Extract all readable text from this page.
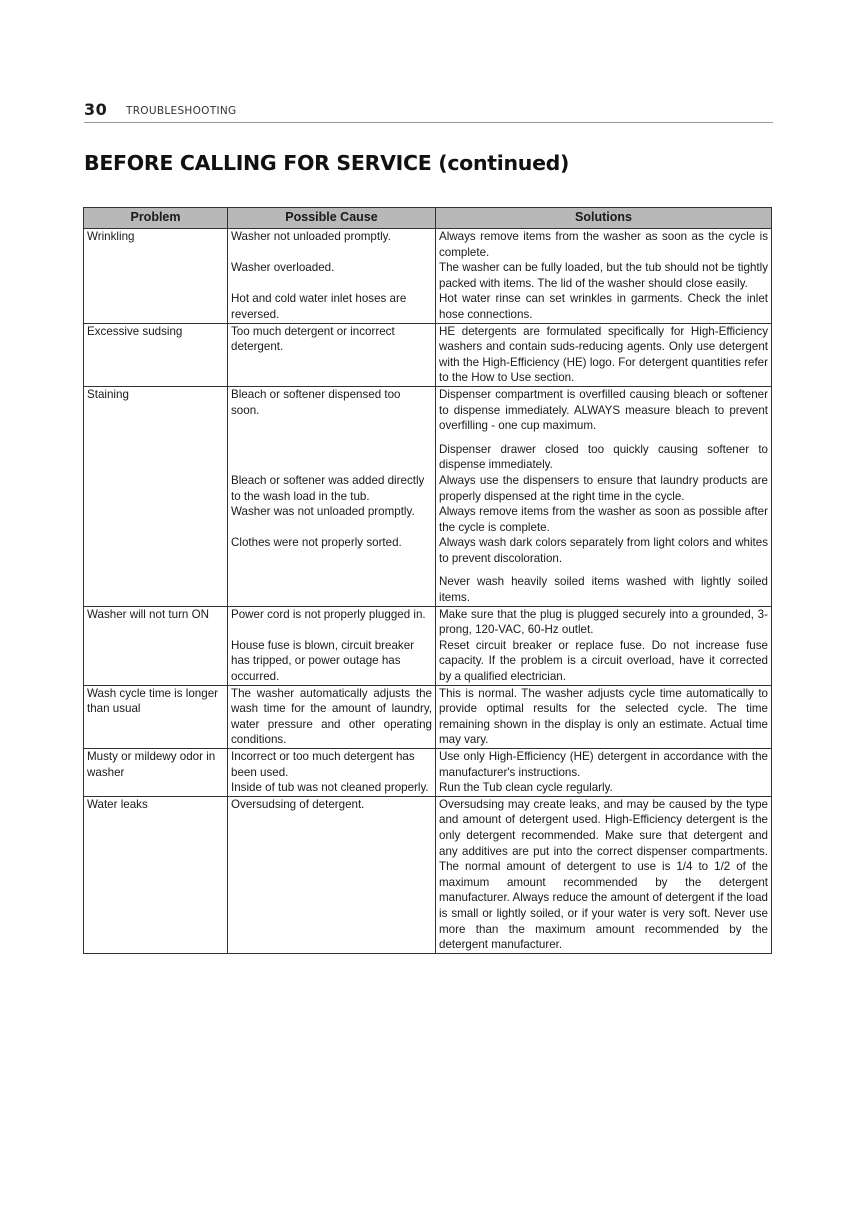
30 TROUBLESHOOTING
BEFORE CALLING FOR SERVICE (continued)
Problem	Possible Cause	Solutions
Wrinkling	Washer not unloaded promptly.	Always remove items from the washer as soon as the cycle is complete.
	Washer overloaded.	The washer can be fully loaded, but the tub should not be tightly packed with items. The lid of the washer should close easily.
	Hot and cold water inlet hoses are reversed.	Hot water rinse can set wrinkles in garments. Check the inlet hose connections.
Excessive sudsing	Too much detergent or incorrect detergent.	HE detergents are formulated specifically for High-Efficiency washers and contain suds-reducing agents. Only use detergent with the High-Efficiency (HE) logo. For detergent quantities refer to the How to Use section.
Staining	Bleach or softener dispensed too soon.	Dispenser compartment is overfilled causing bleach or softener to dispense immediately. ALWAYS measure bleach to prevent overfilling - one cup maximum.
		Dispenser drawer closed too quickly causing softener to dispense immediately.
	Bleach or softener was added directly to the wash load in the tub.	Always use the dispensers to ensure that laundry products are properly dispensed at the right time in the cycle.
	Washer was not unloaded promptly.	Always remove items from the washer as soon as possible after the cycle is complete.
	Clothes were not properly sorted.	Always wash dark colors separately from light colors and whites to prevent discoloration.
		Never wash heavily soiled items washed with lightly soiled items.
Washer will not turn ON	Power cord is not properly plugged in.	Make sure that the plug is plugged securely into a grounded, 3-prong, 120-VAC, 60-Hz outlet.
	House fuse is blown, circuit breaker has tripped, or power outage has occurred.	Reset circuit breaker or replace fuse. Do not increase fuse capacity. If the problem is a circuit overload, have it corrected by a qualified electrician.
Wash cycle time is longer than usual	The washer automatically adjusts the wash time for the amount of laundry, water pressure and other operating conditions.	This is normal. The washer adjusts cycle time automatically to provide optimal results for the selected cycle. The time remaining shown in the display is only an estimate. Actual time may vary.
Musty or mildewy odor in washer	Incorrect or too much detergent has been used.	Use only High-Efficiency (HE) detergent in accordance with the manufacturer's instructions.
	Inside of tub was not cleaned properly.	Run the Tub clean cycle regularly.
Water leaks	Oversudsing of detergent.	Oversudsing may create leaks, and may be caused by the type and amount of detergent used. High-Efficiency detergent is the only detergent recommended. Make sure that detergent and any additives are put into the correct dispenser compartments. The normal amount of detergent to use is 1/4 to 1/2 of the maximum amount recommended by the detergent manufacturer. Always reduce the amount of detergent if the load is small or lightly soiled, or if your water is very soft. Never use more than the maximum amount recommended by the detergent manufacturer.
